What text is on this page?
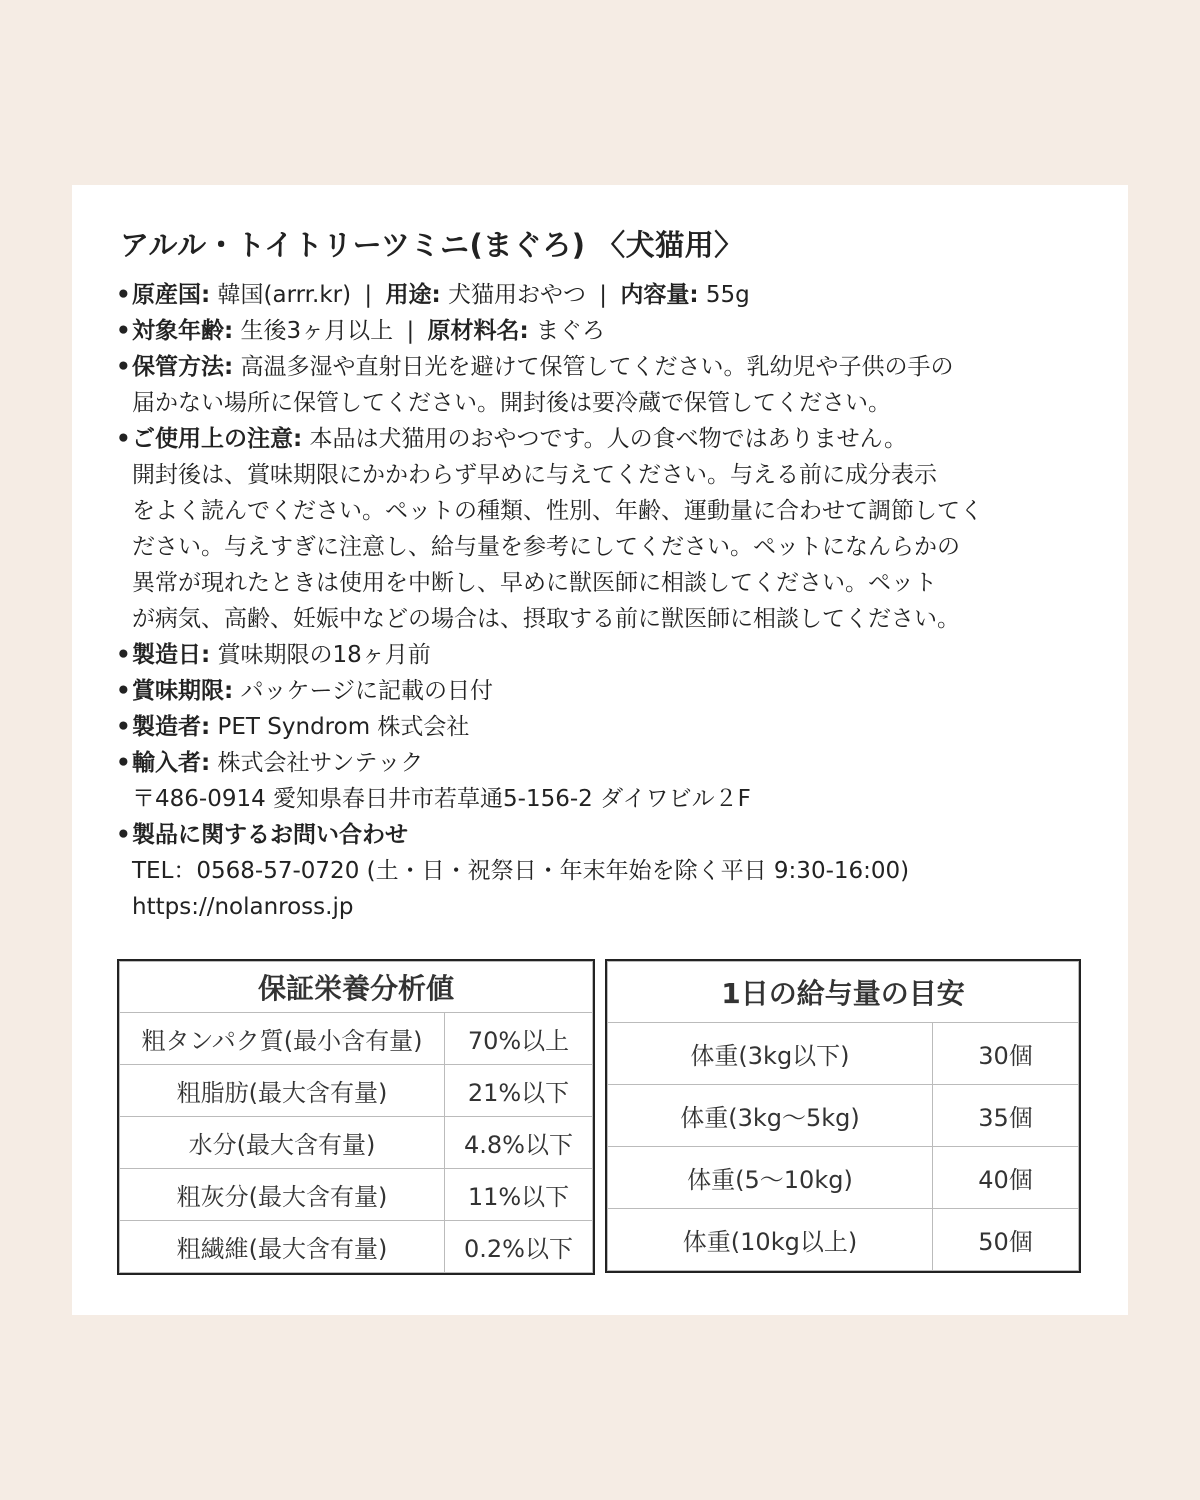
アルル・トイトリーツミニ(まぐろ) 〈犬猫用〉
• 原産国: 韓国(arrr.kr) | 用途: 犬猫用おやつ | 内容量: 55g
• 対象年齢: 生後3ヶ月以上 | 原材料名: まぐろ
• 保管方法: 高温多湿や直射日光を避けて保管してください。乳幼児や子供の手の
届かない場所に保管してください。開封後は要冷蔵で保管してください。
• ご使用上の注意: 本品は犬猫用のおやつです。人の食べ物ではありません。
開封後は、賞味期限にかかわらず早めに与えてください。与える前に成分表示
をよく読んでください。ペットの種類、性別、年齢、運動量に合わせて調節してく
ださい。与えすぎに注意し、給与量を参考にしてください。ペットになんらかの
異常が現れたときは使用を中断し、早めに獣医師に相談してください。ペット
が病気、高齢、妊娠中などの場合は、摂取する前に獣医師に相談してください。
• 製造日: 賞味期限の18ヶ月前
• 賞味期限: パッケージに記載の日付
• 製造者: PET Syndrom 株式会社
• 輸入者: 株式会社サンテック
〒486-0914 愛知県春日井市若草通5-156-2 ダイワビル２F
• 製品に関するお問い合わせ
TEL：0568-57-0720 (土・日・祝祭日・年末年始を除く平日 9:30-16:00)
https://nolanross.jp
保証栄養分析値	
粗タンパク質(最小含有量)	70%以上
粗脂肪(最大含有量)	21%以下
水分(最大含有量)	4.8%以下
粗灰分(最大含有量)	11%以下
粗繊維(最大含有量)	0.2%以下
1日の給与量の目安	
体重(3kg以下)	30個
体重(3kg～5kg)	35個
体重(5～10kg)	40個
体重(10kg以上)	50個
